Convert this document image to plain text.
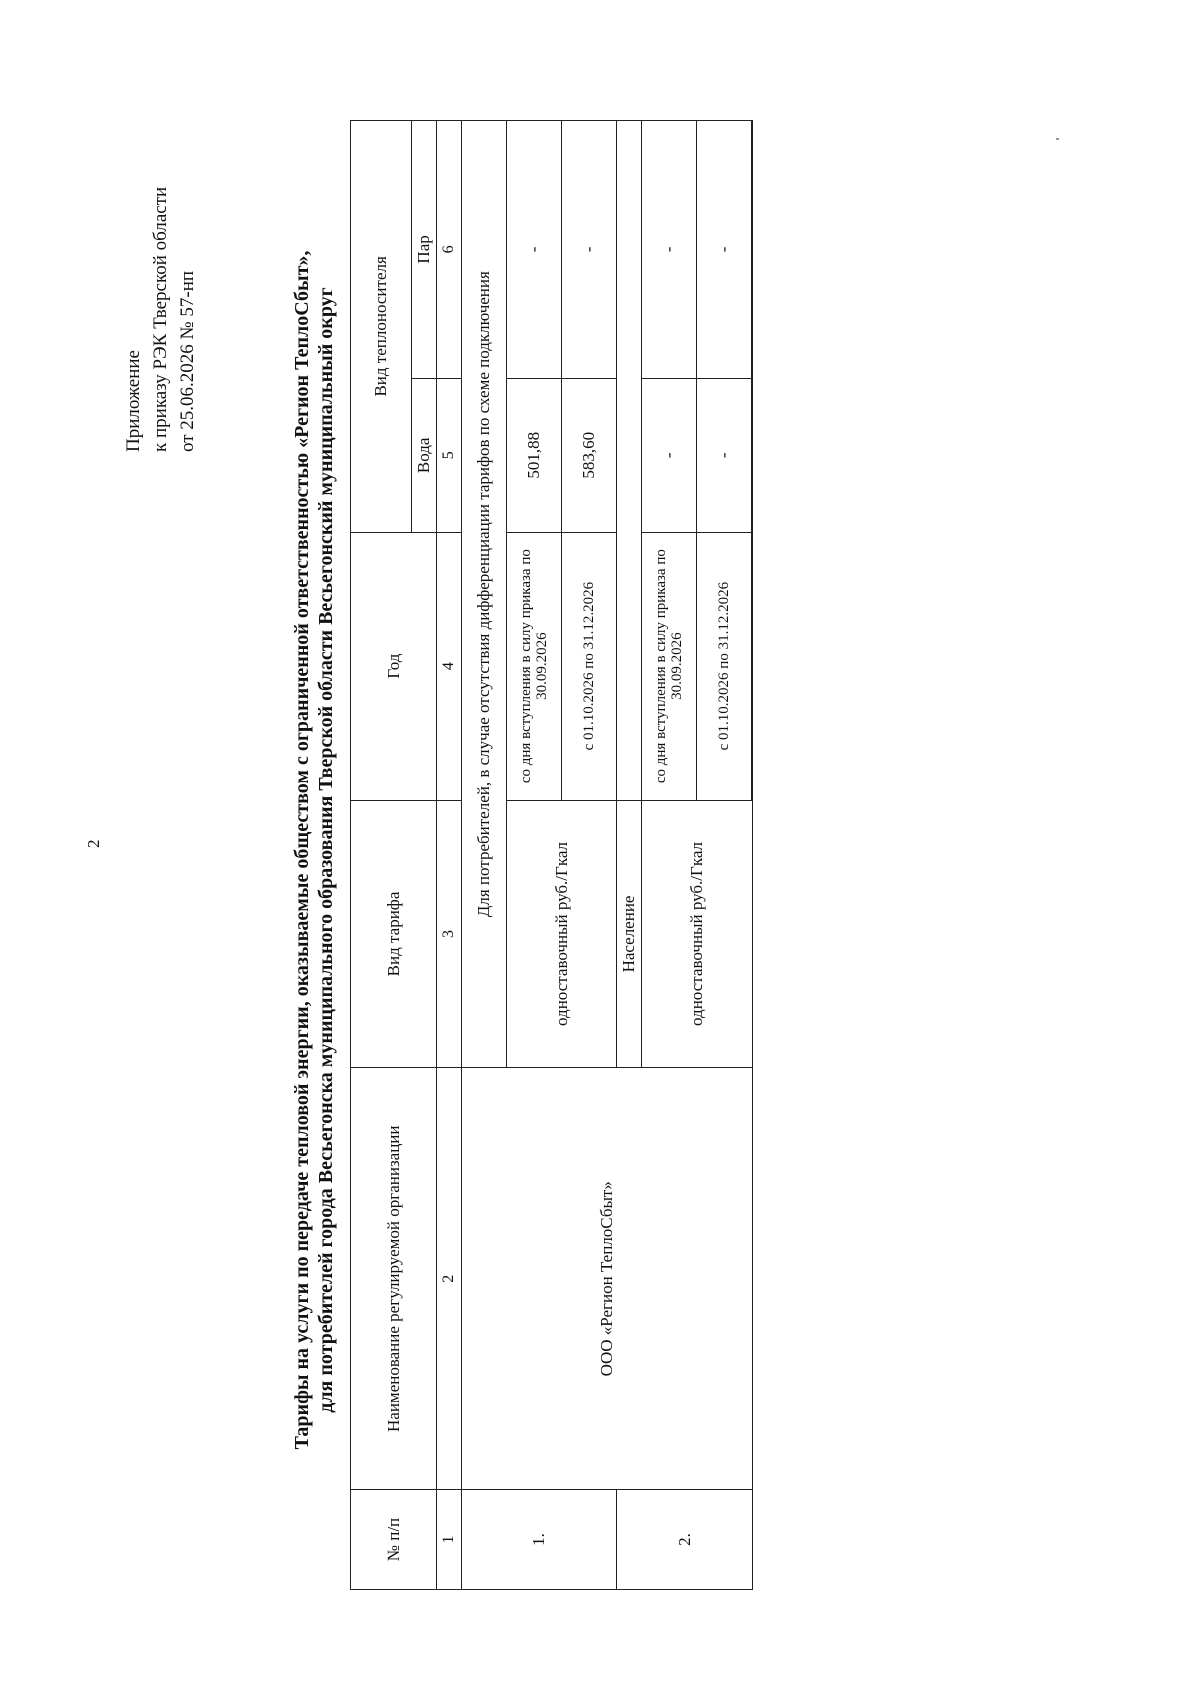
2
Приложение к приказу РЭК Тверской области от 25.06.2026 № 57-нп	Тарифы на услуги по передаче тепловой энергии, оказываемые обществом с ограниченной ответственностью «Регион ТеплоСбыт», для потребителей города Весьегонска муниципального образования Тверской области Весьегонский муниципальный округ
№ п/п	Наименование регулируемой организации	Вид тарифа	Год	Вид теплоносителя	
				Вода	Пар
1	2	3	4	5	6
1.	ООО «Регион ТеплоСбыт»	Для потребителей, в случае отсутствия дифференциации тарифов по схеме подключения			
		одноставочный руб./Гкал	со дня вступления в силу приказа по 30.09.2026	501,88	-
			с 01.10.2026 по 31.12.2026	583,60	-
2.		Население			
		одноставочный руб./Гкал	со дня вступления в силу приказа по 30.09.2026	-	-
			с 01.10.2026 по 31.12.2026	-	-
